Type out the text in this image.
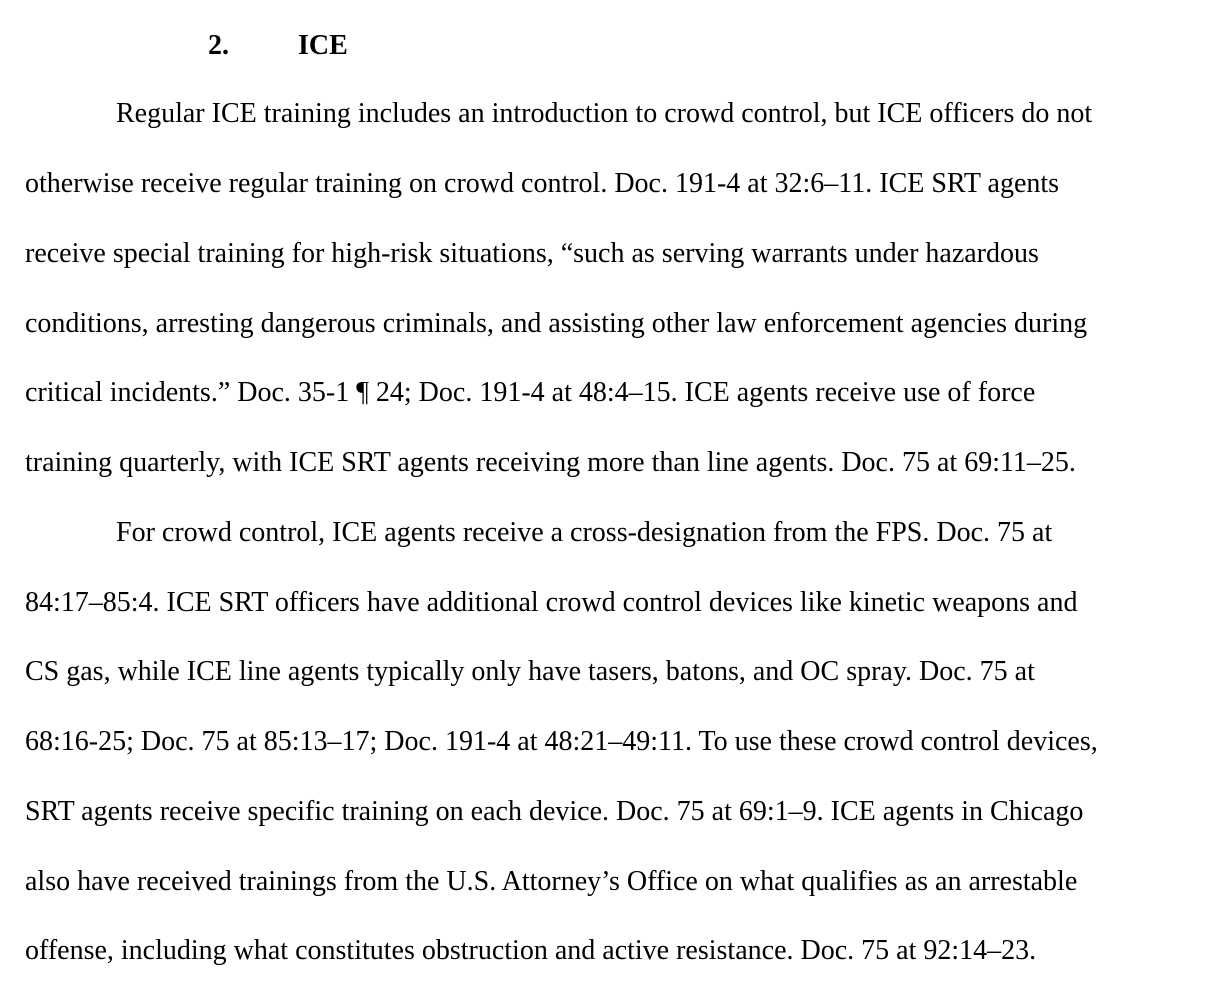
2. ICE
Regular ICE training includes an introduction to crowd control, but ICE officers do not
otherwise receive regular training on crowd control. Doc. 191-4 at 32:6–11. ICE SRT agents
receive special training for high-risk situations, “such as serving warrants under hazardous
conditions, arresting dangerous criminals, and assisting other law enforcement agencies during
critical incidents.” Doc. 35-1 ¶ 24; Doc. 191-4 at 48:4–15. ICE agents receive use of force
training quarterly, with ICE SRT agents receiving more than line agents. Doc. 75 at 69:11–25.
For crowd control, ICE agents receive a cross-designation from the FPS. Doc. 75 at
84:17–85:4. ICE SRT officers have additional crowd control devices like kinetic weapons and
CS gas, while ICE line agents typically only have tasers, batons, and OC spray. Doc. 75 at
68:16-25; Doc. 75 at 85:13–17; Doc. 191-4 at 48:21–49:11. To use these crowd control devices,
SRT agents receive specific training on each device. Doc. 75 at 69:1–9. ICE agents in Chicago
also have received trainings from the U.S. Attorney’s Office on what qualifies as an arrestable
offense, including what constitutes obstruction and active resistance. Doc. 75 at 92:14–23.
